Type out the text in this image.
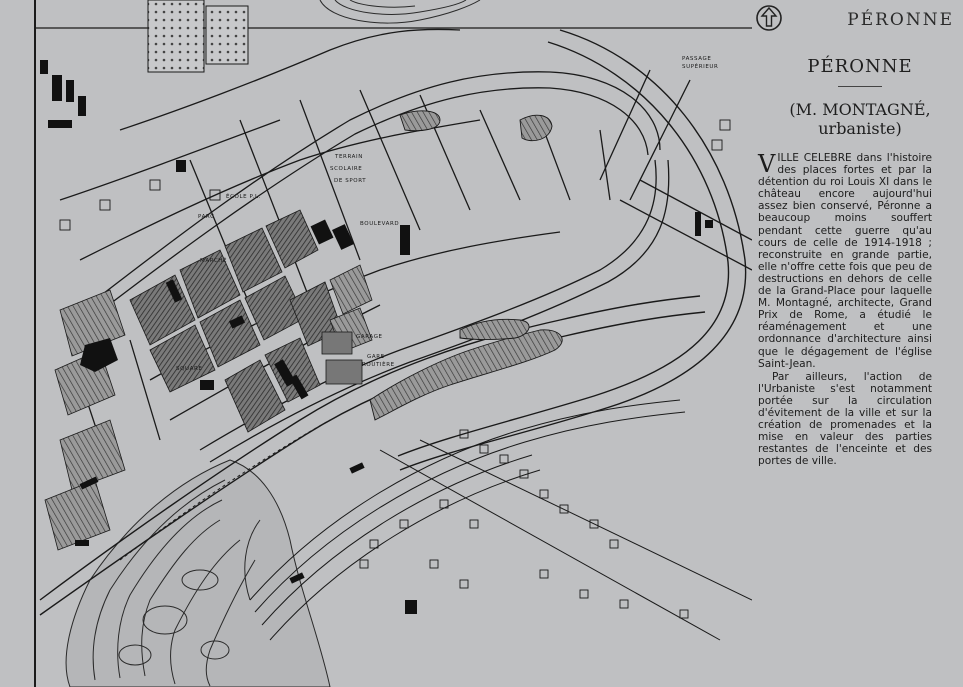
PASSAGE
SUPÉRIEUR
TERRAIN
SCOLAIRE
DE SPORT
PARC
ÉCOLE P.L.
GARAGE
GARE
ROUTIÈRE
SQUARE
MARCHÉ
BOULEVARD
PÉRONNE
PÉRONNE
(M. MONTAGNÉ,
urbaniste)

VILLE CELEBRE dans l'histoire des places fortes et par la détention du roi Louis XI dans le château encore aujourd'hui assez bien conservé, Péronne a beaucoup moins souffert pendant cette guerre qu'au cours de celle de 1914-1918 ; reconstruite en grande partie, elle n'offre cette fois que peu de destructions en dehors de celle de la Grand-Place pour laquelle M. Montagné, architecte, Grand Prix de Rome, a étudié le réaménagement et une ordonnance d'architecture ainsi que le dégagement de l'église Saint-Jean.

Par ailleurs, l'action de l'Urbaniste s'est notamment portée sur la circulation d'évitement de la ville et sur la création de promenades et la mise en valeur des parties restantes de l'enceinte et des portes de ville.
